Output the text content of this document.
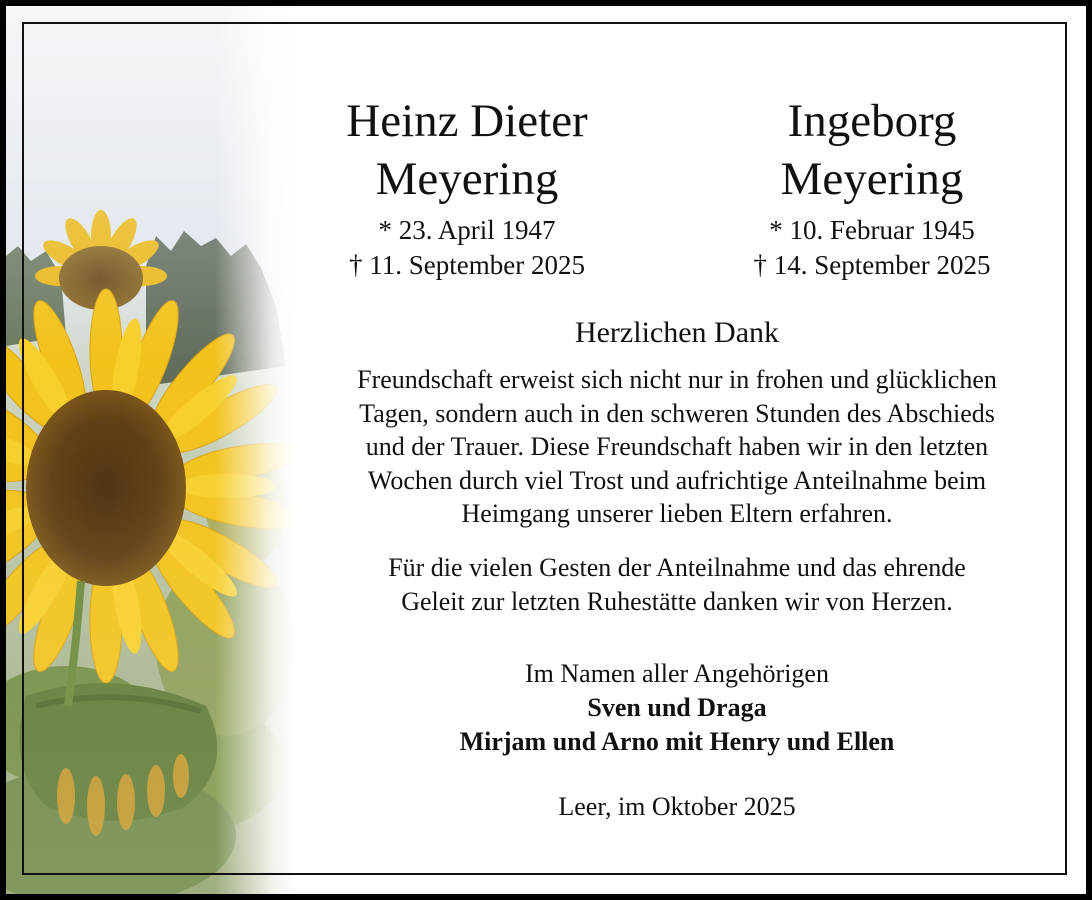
Heinz Dieter
Meyering
* 23. April 1947
† 11. September 2025
Ingeborg
Meyering
* 10. Februar 1945
† 14. September 2025
Herzlichen Dank
Freundschaft erweist sich nicht nur in frohen und glücklichen
Tagen, sondern auch in den schweren Stunden des Abschieds
und der Trauer. Diese Freundschaft haben wir in den letzten
Wochen durch viel Trost und aufrichtige Anteilnahme beim
Heimgang unserer lieben Eltern erfahren.
Für die vielen Gesten der Anteilnahme und das ehrende
Geleit zur letzten Ruhestätte danken wir von Herzen.
Im Namen aller Angehörigen
Sven und Draga
Mirjam und Arno mit Henry und Ellen
Leer, im Oktober 2025
